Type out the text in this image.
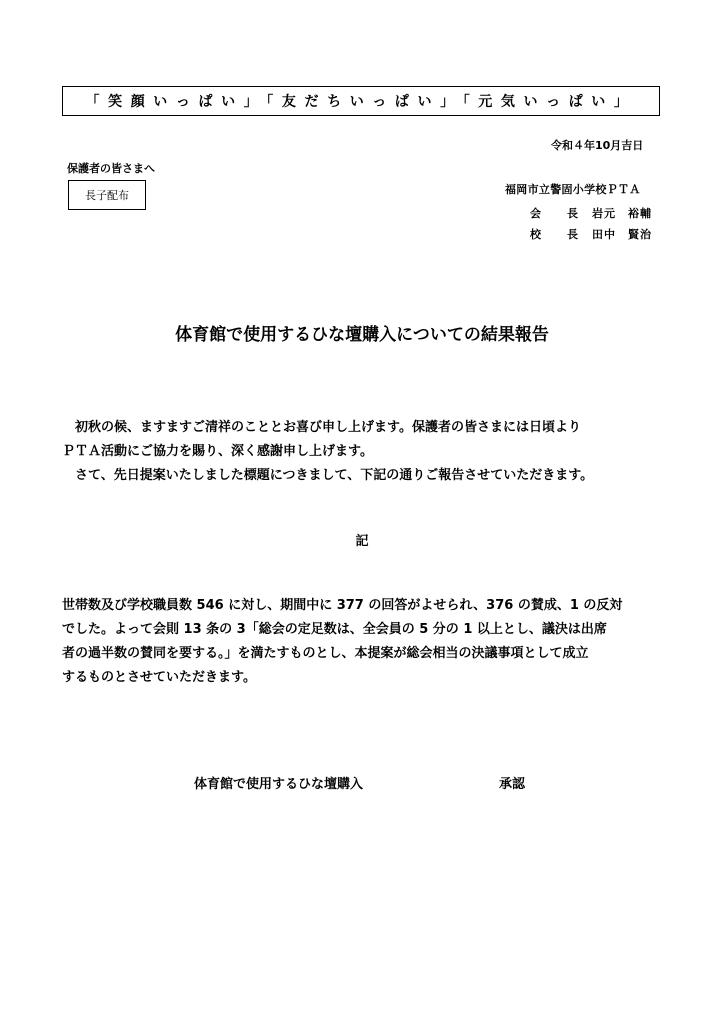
「笑顔いっぱい」「友だちいっぱい」「元気いっぱい」
令和４年10月吉日
保護者の皆さまへ
長子配布	福岡市立警固小学校ＰＴＡ
会 長 岩元　裕輔
校 長 田中　賢治
体育館で使用するひな壇購入についての結果報告
　初秋の候、ますますご清祥のこととお喜び申し上げます。保護者の皆さまには日頃より
ＰＴＡ活動にご協力を賜り、深く感謝申し上げます。
　さて、先日提案いたしました標題につきまして、下記の通りご報告させていただきます。
記
世帯数及び学校職員数 546 に対し、期間中に 377 の回答がよせられ、376 の賛成、1 の反対
でした。よって会則 13 条の 3「総会の定足数は、全会員の 5 分の 1 以上とし、議決は出席
者の過半数の賛同を要する。」を満たすものとし、本提案が総会相当の決議事項として成立
するものとさせていただきます。
体育館で使用するひな壇購入	承認
